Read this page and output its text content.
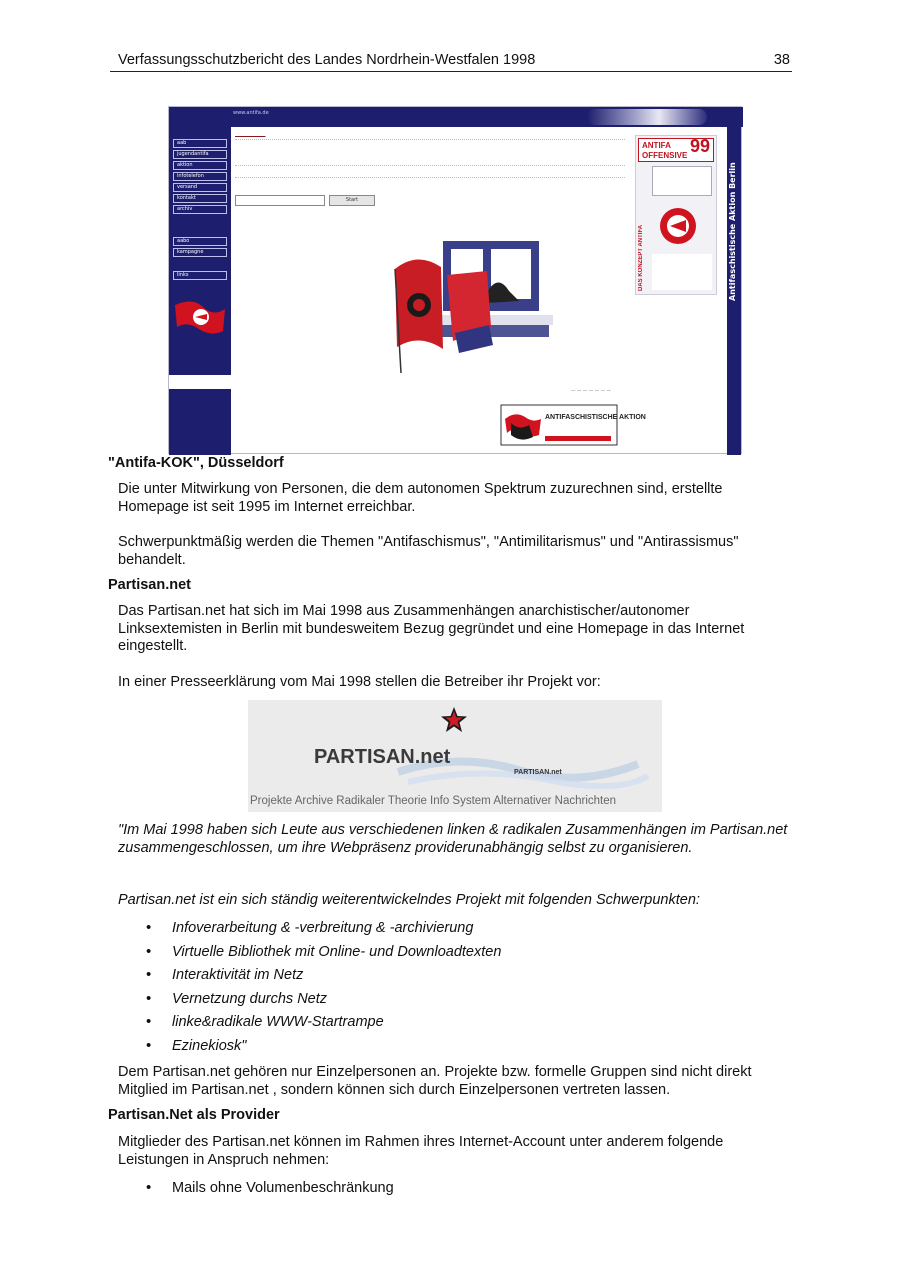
Verfassungsschutzbericht des Landes Nordrhein-Westfalen 1998	38
aab
jugendantifa
aktion
infotelefon
versand
kontakt
archiv
aabo
kampagne
links
www.antifa.de
Antifaschistische Aktion Berlin

Start
ANTIFA OFFENSIVE 99
DAS KONZEPT ANTIFA
— — — — — — —
ANTIFASCHISTISCHE AKTION
"Antifa-KOK", Düsseldorf
Die unter Mitwirkung von Personen, die dem autonomen Spektrum zuzurechnen sind, erstellte Homepage ist seit 1995 im Internet erreichbar.
Schwerpunktmäßig werden die Themen "Antifaschismus", "Antimilitarismus" und "Antirassismus" behandelt.
Partisan.net
Das Partisan.net hat sich im Mai 1998 aus Zusammenhängen anarchistischer/autonomer Linksextemisten in Berlin mit bundesweitem Bezug gegründet und eine Homepage in das Internet eingestellt.
In einer Presseerklärung vom Mai 1998 stellen die Betreiber ihr Projekt vor:
PARTISAN.net
PARTISAN.net
Projekte Archive Radikaler Theorie Info System Alternativer Nachrichten
"Im Mai 1998 haben sich Leute aus verschiedenen linken & radikalen Zusammenhängen im Partisan.net zusammengeschlossen, um ihre Webpräsenz providerunabhängig selbst zu organisieren.
Partisan.net ist ein sich ständig weiterentwickelndes Projekt mit folgenden Schwerpunkten:
• Infoverarbeitung & -verbreitung & -archivierung
• Virtuelle Bibliothek mit Online- und Downloadtexten
• Interaktivität im Netz
• Vernetzung durchs Netz
• linke&radikale WWW-Startrampe
• Ezinekiosk"
Dem Partisan.net gehören nur Einzelpersonen an. Projekte bzw. formelle Gruppen sind nicht direkt Mitglied im Partisan.net , sondern können sich durch Einzelpersonen vertreten lassen.
Partisan.Net als Provider
Mitglieder des Partisan.net können im Rahmen ihres Internet-Account unter anderem folgende Leistungen in Anspruch nehmen:
• Mails ohne Volumenbeschränkung
